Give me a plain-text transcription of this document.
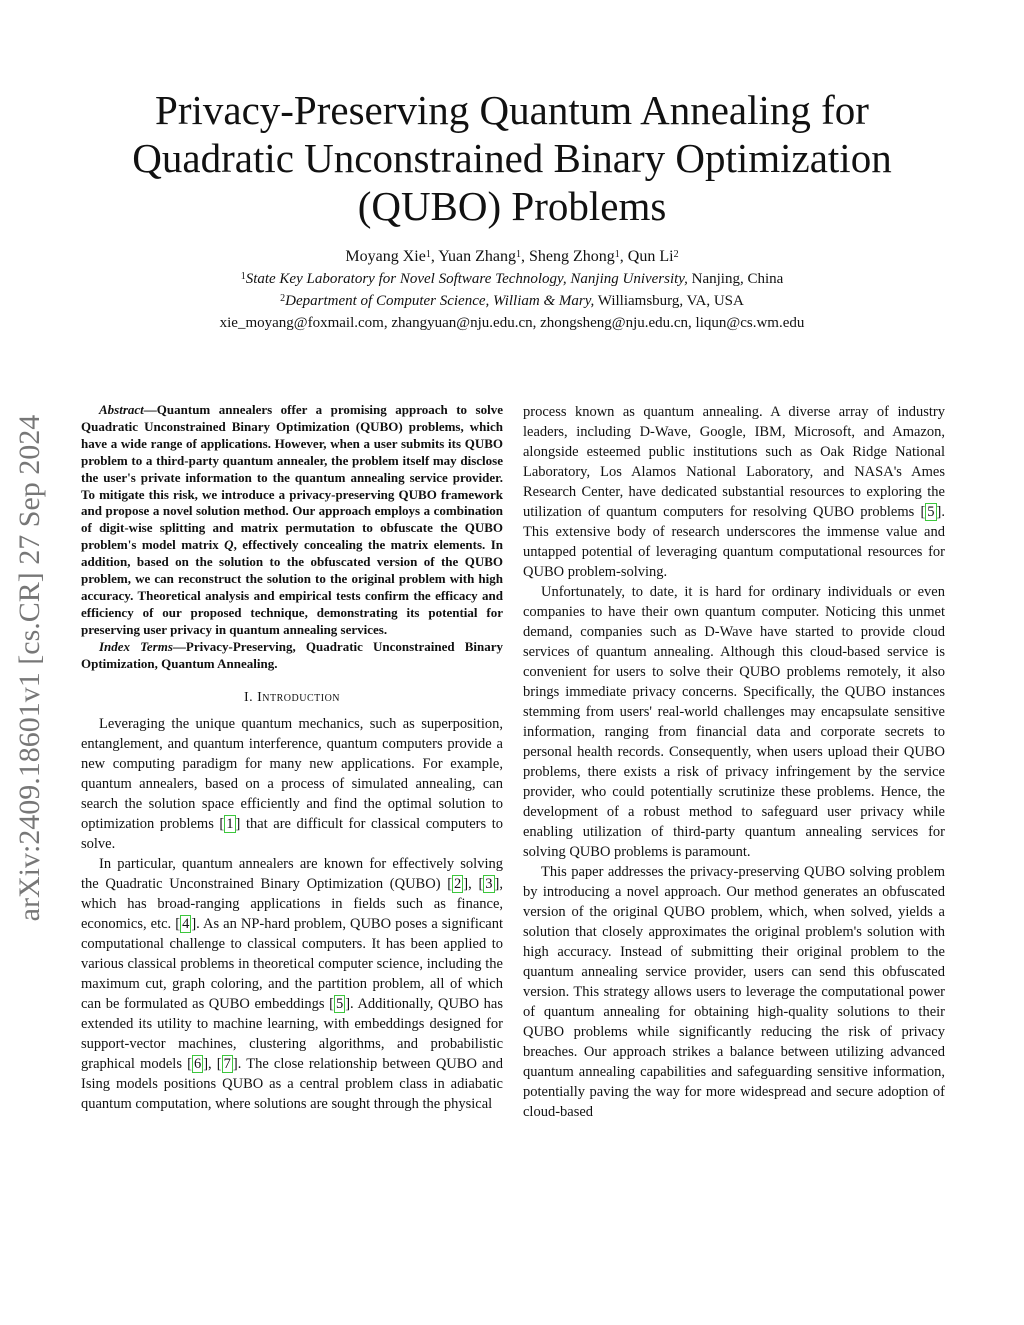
arXiv:2409.18601v1 [cs.CR] 27 Sep 2024
Privacy-Preserving Quantum Annealing for
Quadratic Unconstrained Binary Optimization
(QUBO) Problems
Moyang Xie$^1$, Yuan Zhang$^1$, Sheng Zhong$^1$, Qun Li$^2$
$^1$State Key Laboratory for Novel Software Technology, Nanjing University, Nanjing, China
$^2$Department of Computer Science, William & Mary, Williamsburg, VA, USA
xie_moyang@foxmail.com, zhangyuan@nju.edu.cn, zhongsheng@nju.edu.cn, liqun@cs.wm.edu

Abstract—Quantum annealers offer a promising approach to solve Quadratic Unconstrained Binary Optimization (QUBO) problems, which have a wide range of applications. However, when a user submits its QUBO problem to a third-party quantum annealer, the problem itself may disclose the user's private information to the quantum annealing service provider. To mitigate this risk, we introduce a privacy-preserving QUBO framework and propose a novel solution method. Our approach employs a combination of digit-wise splitting and matrix permutation to obfuscate the QUBO problem's model matrix Q, effectively concealing the matrix elements. In addition, based on the solution to the obfuscated version of the QUBO problem, we can reconstruct the solution to the original problem with high accuracy. Theoretical analysis and empirical tests confirm the efficacy and efficiency of our proposed technique, demonstrating its potential for preserving user privacy in quantum annealing services.

Index Terms—Privacy-Preserving, Quadratic Unconstrained Binary Optimization, Quantum Annealing.

I. Introduction

Leveraging the unique quantum mechanics, such as superposition, entanglement, and quantum interference, quantum computers provide a new computing paradigm for many new applications. For example, quantum annealers, based on a process of simulated annealing, can search the solution space efficiently and find the optimal solution to optimization problems [ 1 ] that are difficult for classical computers to solve.

In particular, quantum annealers are known for effectively solving the Quadratic Unconstrained Binary Optimization (QUBO) [ 2 ], [ 3 ], which has broad-ranging applications in fields such as finance, economics, etc. [ 4 ]. As an NP-hard problem, QUBO poses a significant computational challenge to classical computers. It has been applied to various classical problems in theoretical computer science, including the maximum cut, graph coloring, and the partition problem, all of which can be formulated as QUBO embeddings [ 5 ]. Additionally, QUBO has extended its utility to machine learning, with embeddings designed for support-vector machines, clustering algorithms, and probabilistic graphical models [ 6 ], [ 7 ]. The close relationship between QUBO and Ising models positions QUBO as a central problem class in adiabatic quantum computation, where solutions are sought through the physical

process known as quantum annealing. A diverse array of industry leaders, including D-Wave, Google, IBM, Microsoft, and Amazon, alongside esteemed public institutions such as Oak Ridge National Laboratory, Los Alamos National Laboratory, and NASA's Ames Research Center, have dedicated substantial resources to exploring the utilization of quantum computers for resolving QUBO problems [ 5 ]. This extensive body of research underscores the immense value and untapped potential of leveraging quantum computational resources for QUBO problem-solving.

Unfortunately, to date, it is hard for ordinary individuals or even companies to have their own quantum computer. Noticing this unmet demand, companies such as D-Wave have started to provide cloud services of quantum annealing. Although this cloud-based service is convenient for users to solve their QUBO problems remotely, it also brings immediate privacy concerns. Specifically, the QUBO instances stemming from users' real-world challenges may encapsulate sensitive information, ranging from financial data and corporate secrets to personal health records. Consequently, when users upload their QUBO problems, there exists a risk of privacy infringement by the service provider, who could potentially scrutinize these problems. Hence, the development of a robust method to safeguard user privacy while enabling utilization of third-party quantum annealing services for solving QUBO problems is paramount.

This paper addresses the privacy-preserving QUBO solving problem by introducing a novel approach. Our method generates an obfuscated version of the original QUBO problem, which, when solved, yields a solution that closely approximates the original problem's solution with high accuracy. Instead of submitting their original problem to the quantum annealing service provider, users can send this obfuscated version. This strategy allows users to leverage the computational power of quantum annealing for obtaining high-quality solutions to their QUBO problems while significantly reducing the risk of privacy breaches. Our approach strikes a balance between utilizing advanced quantum annealing capabilities and safeguarding sensitive information, potentially paving the way for more widespread and secure adoption of cloud-based
